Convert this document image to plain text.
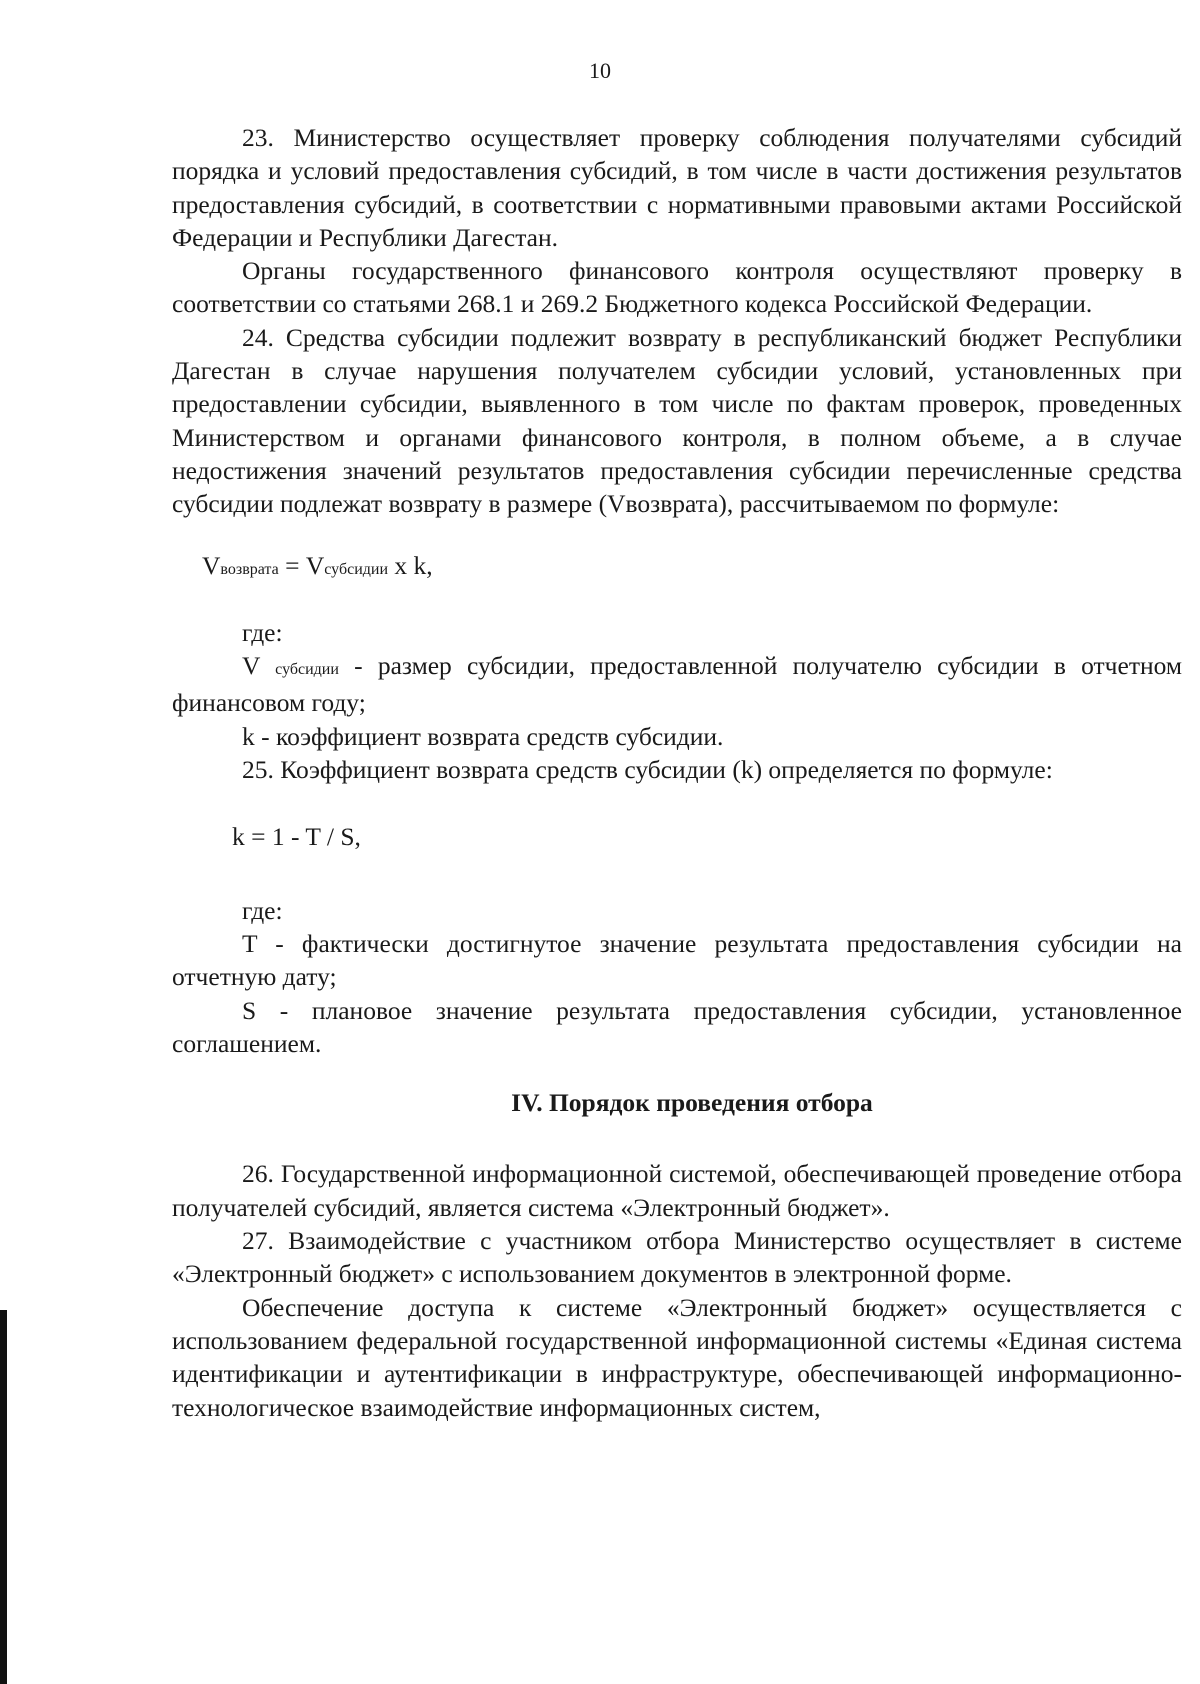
10

23. Министерство осуществляет проверку соблюдения получателями субсидий порядка и условий предоставления субсидий, в том числе в части достижения результатов предоставления субсидий, в соответствии с нормативными правовыми актами Российской Федерации и Республики Дагестан.

Органы государственного финансового контроля осуществляют проверку в соответствии со статьями 268.1 и 269.2 Бюджетного кодекса Российской Федерации.

24. Средства субсидии подлежит возврату в республиканский бюджет Республики Дагестан в случае нарушения получателем субсидии условий, установленных при предоставлении субсидии, выявленного в том числе по фактам проверок, проведенных Министерством и органами финансового контроля, в полном объеме, а в случае недостижения значений результатов предоставления субсидии перечисленные средства субсидии подлежат возврату в размере (Vвозврата), рассчитываемом по формуле:

Vвозврата = Vсубсидии x k,

где:

V субсидии - размер субсидии, предоставленной получателю субсидии в отчетном финансовом году;

k - коэффициент возврата средств субсидии.

25. Коэффициент возврата средств субсидии (k) определяется по формуле:

k = 1 - T / S,

где:

T - фактически достигнутое значение результата предоставления субсидии на отчетную дату;

S - плановое значение результата предоставления субсидии, установленное соглашением.

IV. Порядок проведения отбора

26. Государственной информационной системой, обеспечивающей проведение отбора получателей субсидий, является система «Электронный бюджет».

27. Взаимодействие с участником отбора Министерство осуществляет в системе «Электронный бюджет» с использованием документов в электронной форме.

Обеспечение доступа к системе «Электронный бюджет» осуществляется с использованием федеральной государственной информационной системы «Единая система идентификации и аутентификации в инфраструктуре, обеспечивающей информационно-технологическое взаимодействие информационных систем,
